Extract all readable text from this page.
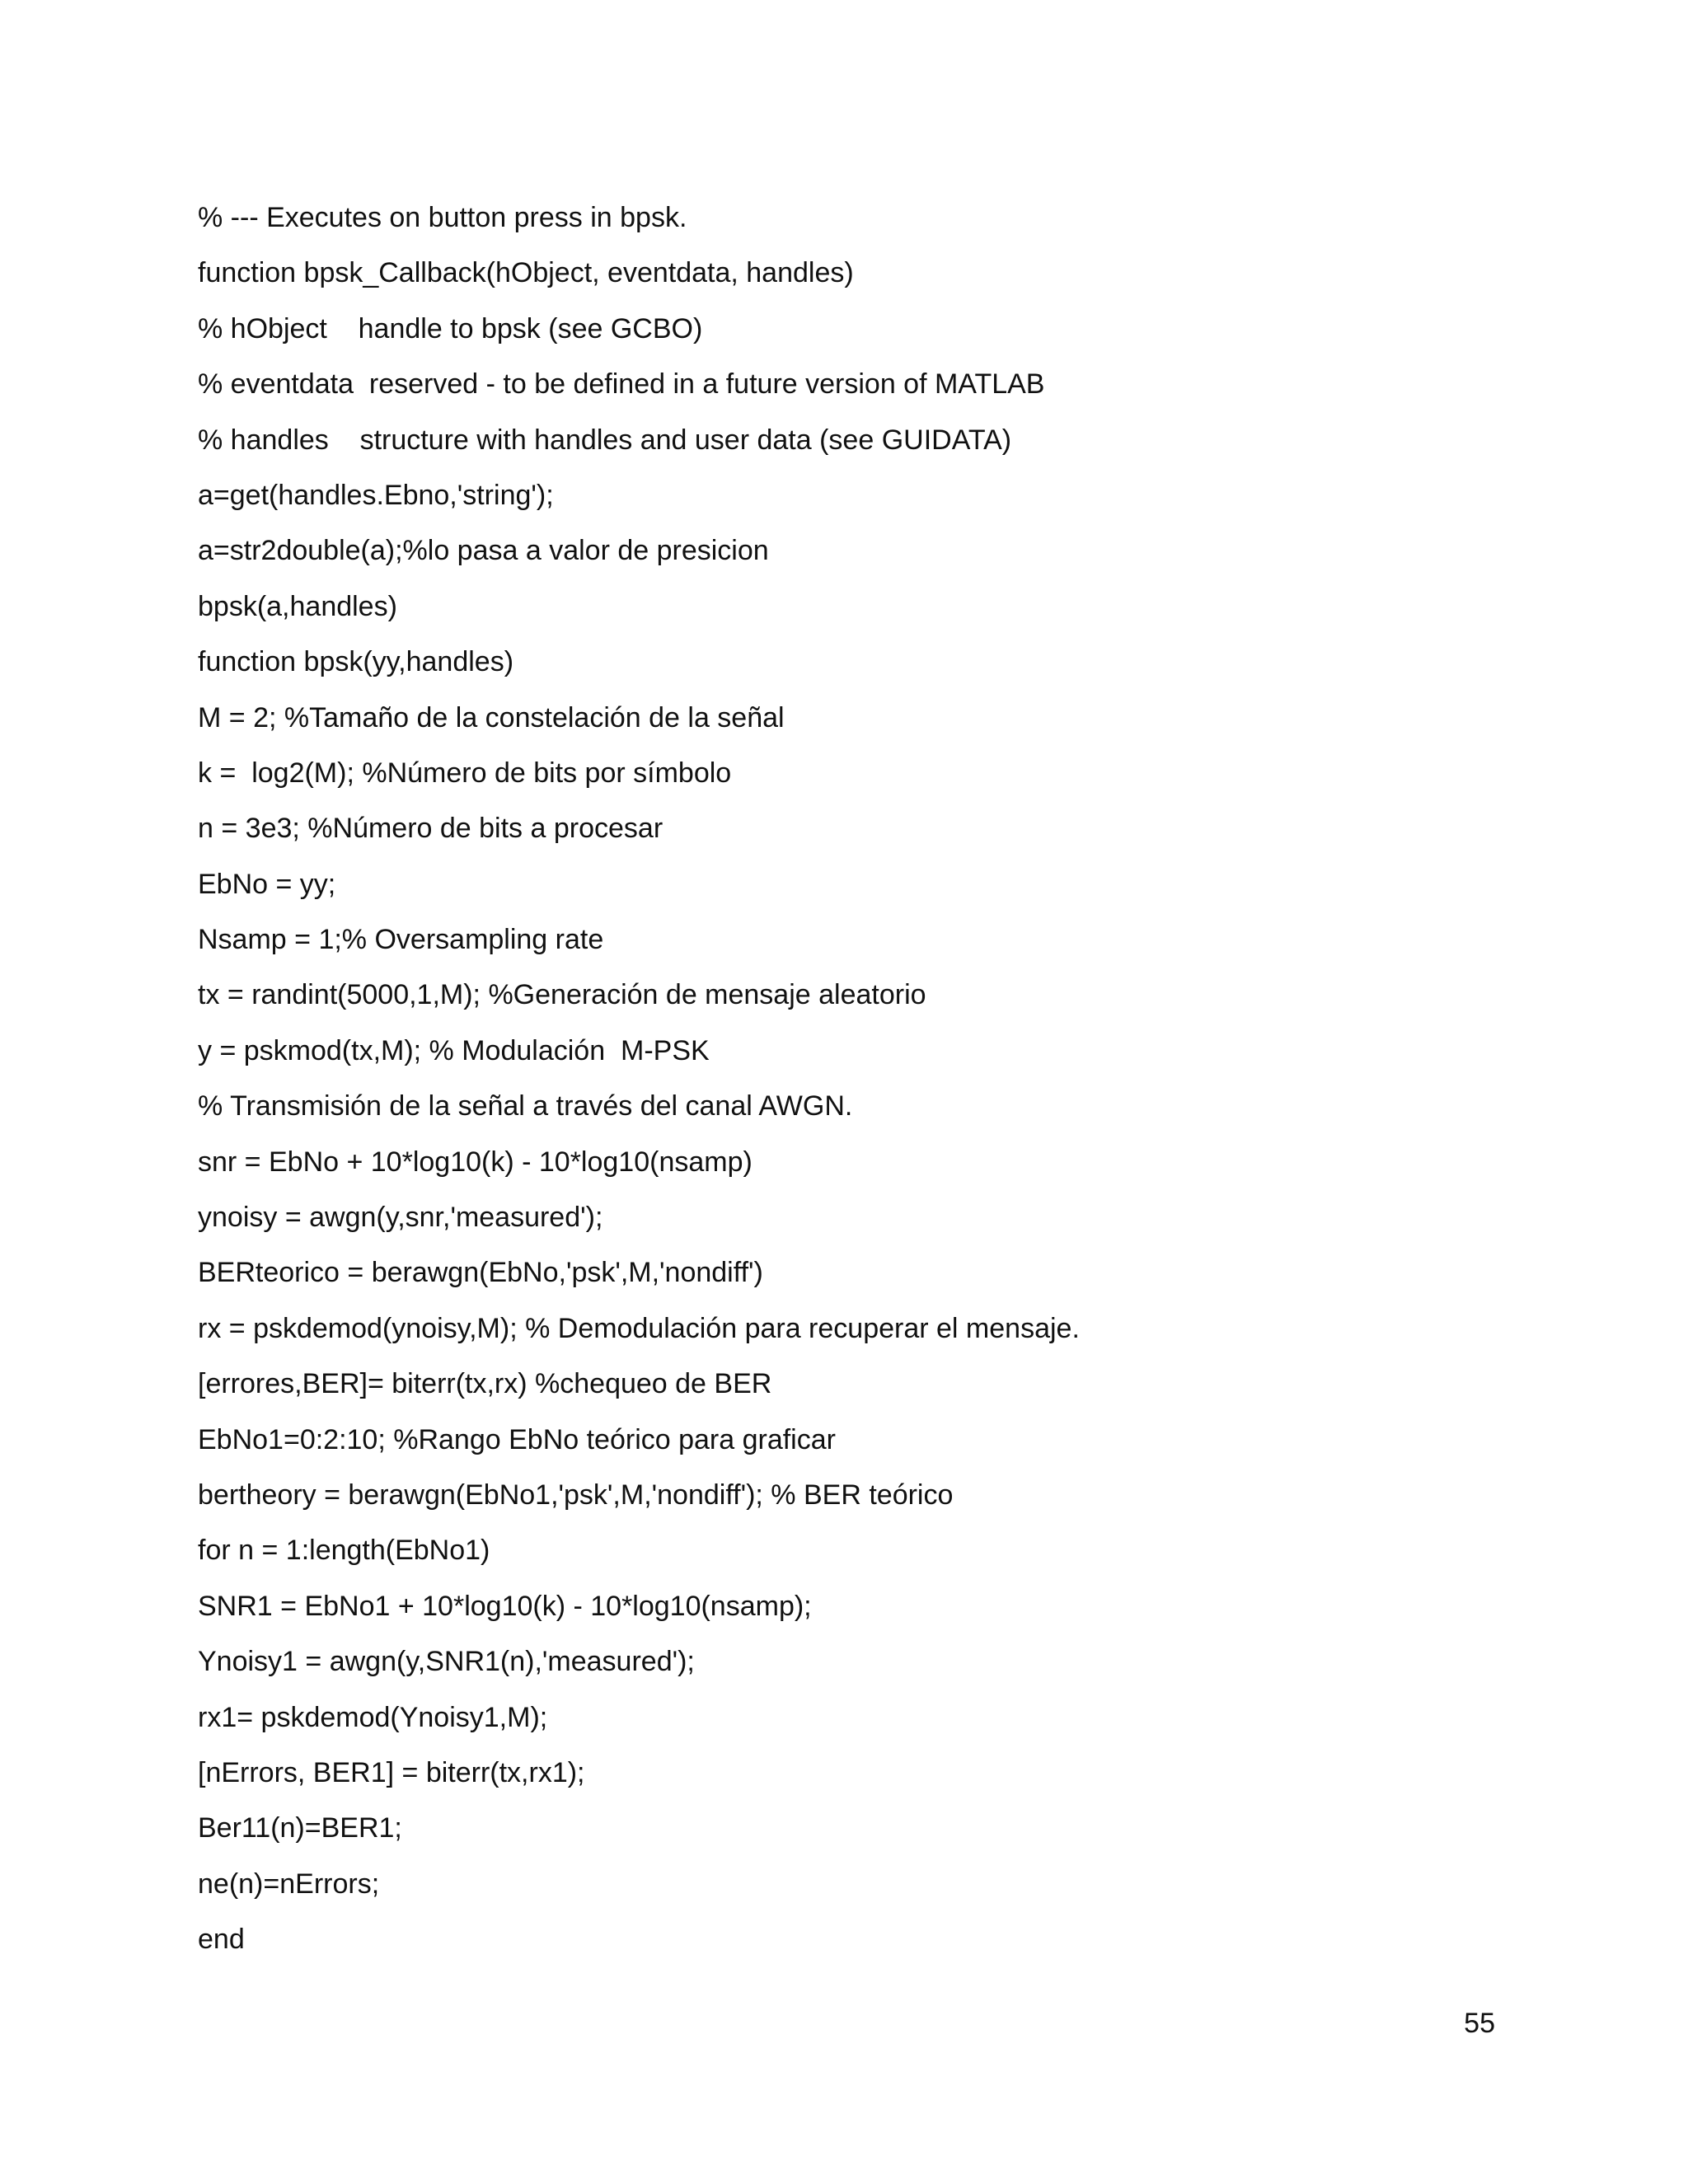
% --- Executes on button press in bpsk.
function bpsk_Callback(hObject, eventdata, handles)
% hObject    handle to bpsk (see GCBO)
% eventdata  reserved - to be defined in a future version of MATLAB
% handles    structure with handles and user data (see GUIDATA)
a=get(handles.Ebno,'string');
a=str2double(a);%lo pasa a valor de presicion
bpsk(a,handles)
function bpsk(yy,handles)
M = 2; %Tamaño de la constelación de la señal
k =  log2(M); %Número de bits por símbolo
n = 3e3; %Número de bits a procesar
EbNo = yy;
Nsamp = 1;% Oversampling rate
tx = randint(5000,1,M); %Generación de mensaje aleatorio
y = pskmod(tx,M); % Modulación  M-PSK
% Transmisión de la señal a través del canal AWGN.
snr = EbNo + 10*log10(k) - 10*log10(nsamp)
ynoisy = awgn(y,snr,'measured');
BERteorico = berawgn(EbNo,'psk',M,'nondiff')
rx = pskdemod(ynoisy,M); % Demodulación para recuperar el mensaje.
[errores,BER]= biterr(tx,rx) %chequeo de BER
EbNo1=0:2:10; %Rango EbNo teórico para graficar
bertheory = berawgn(EbNo1,'psk',M,'nondiff'); % BER teórico
for n = 1:length(EbNo1)
SNR1 = EbNo1 + 10*log10(k) - 10*log10(nsamp);
Ynoisy1 = awgn(y,SNR1(n),'measured');
rx1= pskdemod(Ynoisy1,M);
[nErrors, BER1] = biterr(tx,rx1);
Ber11(n)=BER1;
ne(n)=nErrors;
end
55
